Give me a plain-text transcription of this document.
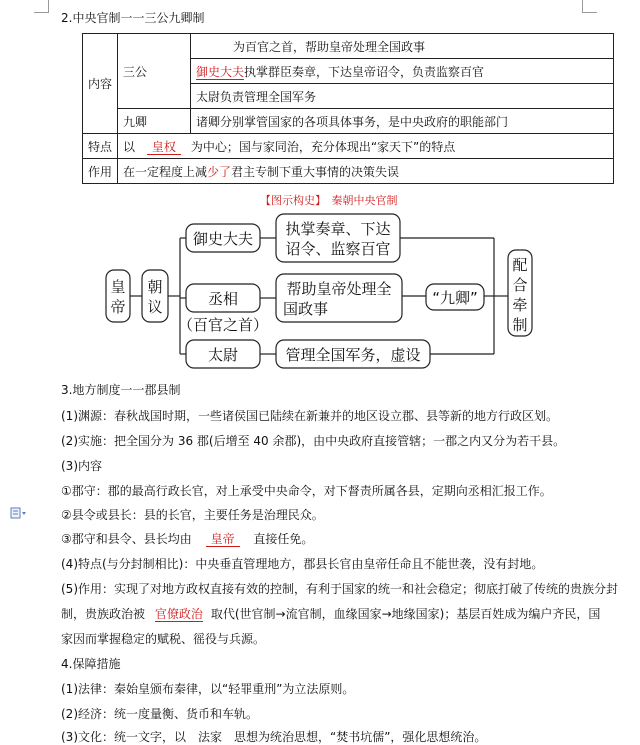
2.中央官制一一三公九卿制
内容	三公	为百官之首，帮助皇帝处理全国政事
		御史大夫执掌群臣奏章，下达皇帝诏令，负责监察百官
		太尉负责管理全国军务
	九卿	诸卿分别掌管国家的各项具体事务，是中央政府的职能部门
特点	以 皇权 为中心；国与家同治，充分体现出“家天下”的特点	
作用	在一定程度上减少了君主专制下重大事情的决策失误	
【图示构史】　秦朝中央官制
皇
帝
朝
议
御史大夫
丞相
（百官之首）
太尉
执掌奏章、下达
诏令、监察百官
帮助皇帝处理全
国政事
管理全国军务，虚设
“九卿”
配
合
牵
制
3.地方制度一一郡县制
(1)渊源：春秋战国时期，一些诸侯国已陆续在新兼并的地区设立郡、县等新的地方行政区划。
(2)实施：把全国分为 36 郡(后增至 40 余郡)，由中央政府直接管辖；一郡之内又分为若干县。
(3)内容
①郡守：郡的最高行政长官，对上承受中央命令，对下督责所属各县，定期向丞相汇报工作。
②县令或县长：县的长官，主要任务是治理民众。
③郡守和县令、县长均由 皇帝 直接任免。
(4)特点(与分封制相比)：中央垂直管理地方，郡县长官由皇帝任命且不能世袭，没有封地。
(5)作用：实现了对地方政权直接有效的控制，有利于国家的统一和社会稳定；彻底打破了传统的贵族分封
制，贵族政治被 官僚政治 取代(世官制→流官制，血缘国家→地缘国家)；基层百姓成为编户齐民，国
家因而掌握稳定的赋税、徭役与兵源。
4.保障措施
(1)法律：秦始皇颁布秦律，以“轻罪重刑”为立法原则。
(2)经济：统一度量衡、货币和车轨。
(3)文化：统一文字，以　法家　思想为统治思想，“焚书坑儒”，强化思想统治。
